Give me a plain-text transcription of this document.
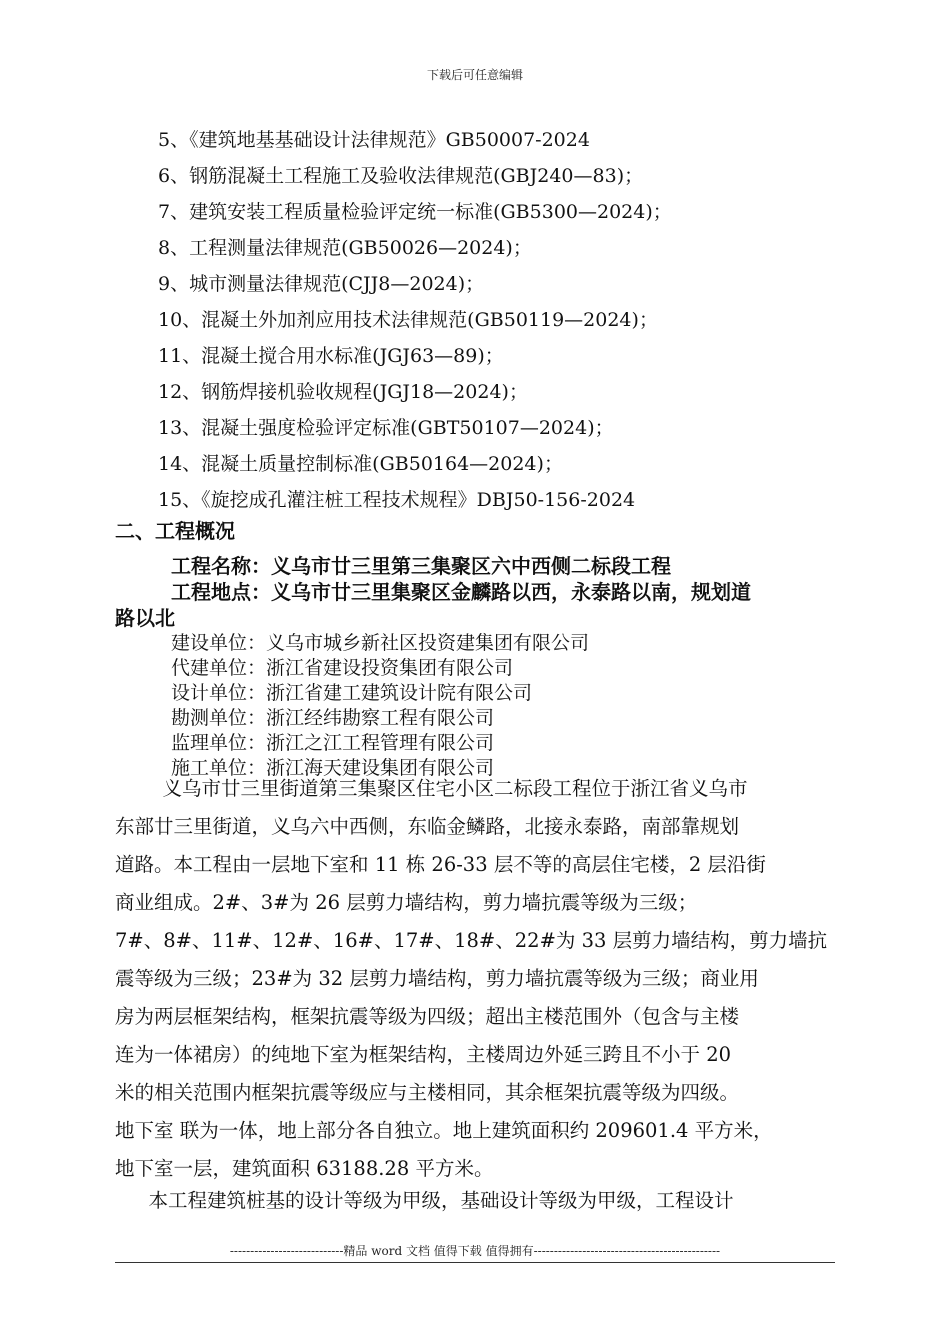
下载后可任意编辑
5、《建筑地基基础设计法律规范》GB50007-2024
6、钢筋混凝土工程施工及验收法律规范(GBJ240—83)；
7、建筑安装工程质量检验评定统一标准(GB5300—2024)；
8、工程测量法律规范(GB50026—2024)；
9、城市测量法律规范(CJJ8—2024)；
10、混凝土外加剂应用技术法律规范(GB50119—2024)；
11、混凝土搅合用水标准(JGJ63—89)；
12、钢筋焊接机验收规程(JGJ18—2024)；
13、混凝土强度检验评定标准(GBT50107—2024)；
14、混凝土质量控制标准(GB50164—2024)；
15、《旋挖成孔灌注桩工程技术规程》DBJ50-156-2024
二、工程概况
工程名称：义乌市廿三里第三集聚区六中西侧二标段工程
工程地点：义乌市廿三里集聚区金麟路以西，永泰路以南，规划道
路以北
建设单位：义乌市城乡新社区投资建集团有限公司
代建单位：浙江省建设投资集团有限公司
设计单位：浙江省建工建筑设计院有限公司
勘测单位：浙江经纬勘察工程有限公司
监理单位：浙江之江工程管理有限公司
施工单位：浙江海天建设集团有限公司
　义乌市廿三里街道第三集聚区住宅小区二标段工程位于浙江省义乌市
东部廿三里街道，义乌六中西侧，东临金鳞路，北接永泰路，南部靠规划
道路。本工程由一层地下室和 11 栋 26-33 层不等的高层住宅楼，2 层沿街
商业组成。2#、3#为 26 层剪力墙结构，剪力墙抗震等级为三级；
7#、8#、11#、12#、16#、17#、18#、22#为 33 层剪力墙结构，剪力墙抗
震等级为三级；23#为 32 层剪力墙结构，剪力墙抗震等级为三级；商业用
房为两层框架结构，框架抗震等级为四级；超出主楼范围外（包含与主楼
连为一体裙房）的纯地下室为框架结构，主楼周边外延三跨且不小于 20
米的相关范围内框架抗震等级应与主楼相同，其余框架抗震等级为四级。
地下室 联为一体，地上部分各自独立。地上建筑面积约 209601.4 平方米，
地下室一层，建筑面积 63188.28 平方米。
　本工程建筑桩基的设计等级为甲级，基础设计等级为甲级，工程设计
----------------------------精品 word 文档 值得下载 值得拥有----------------------------------------------
